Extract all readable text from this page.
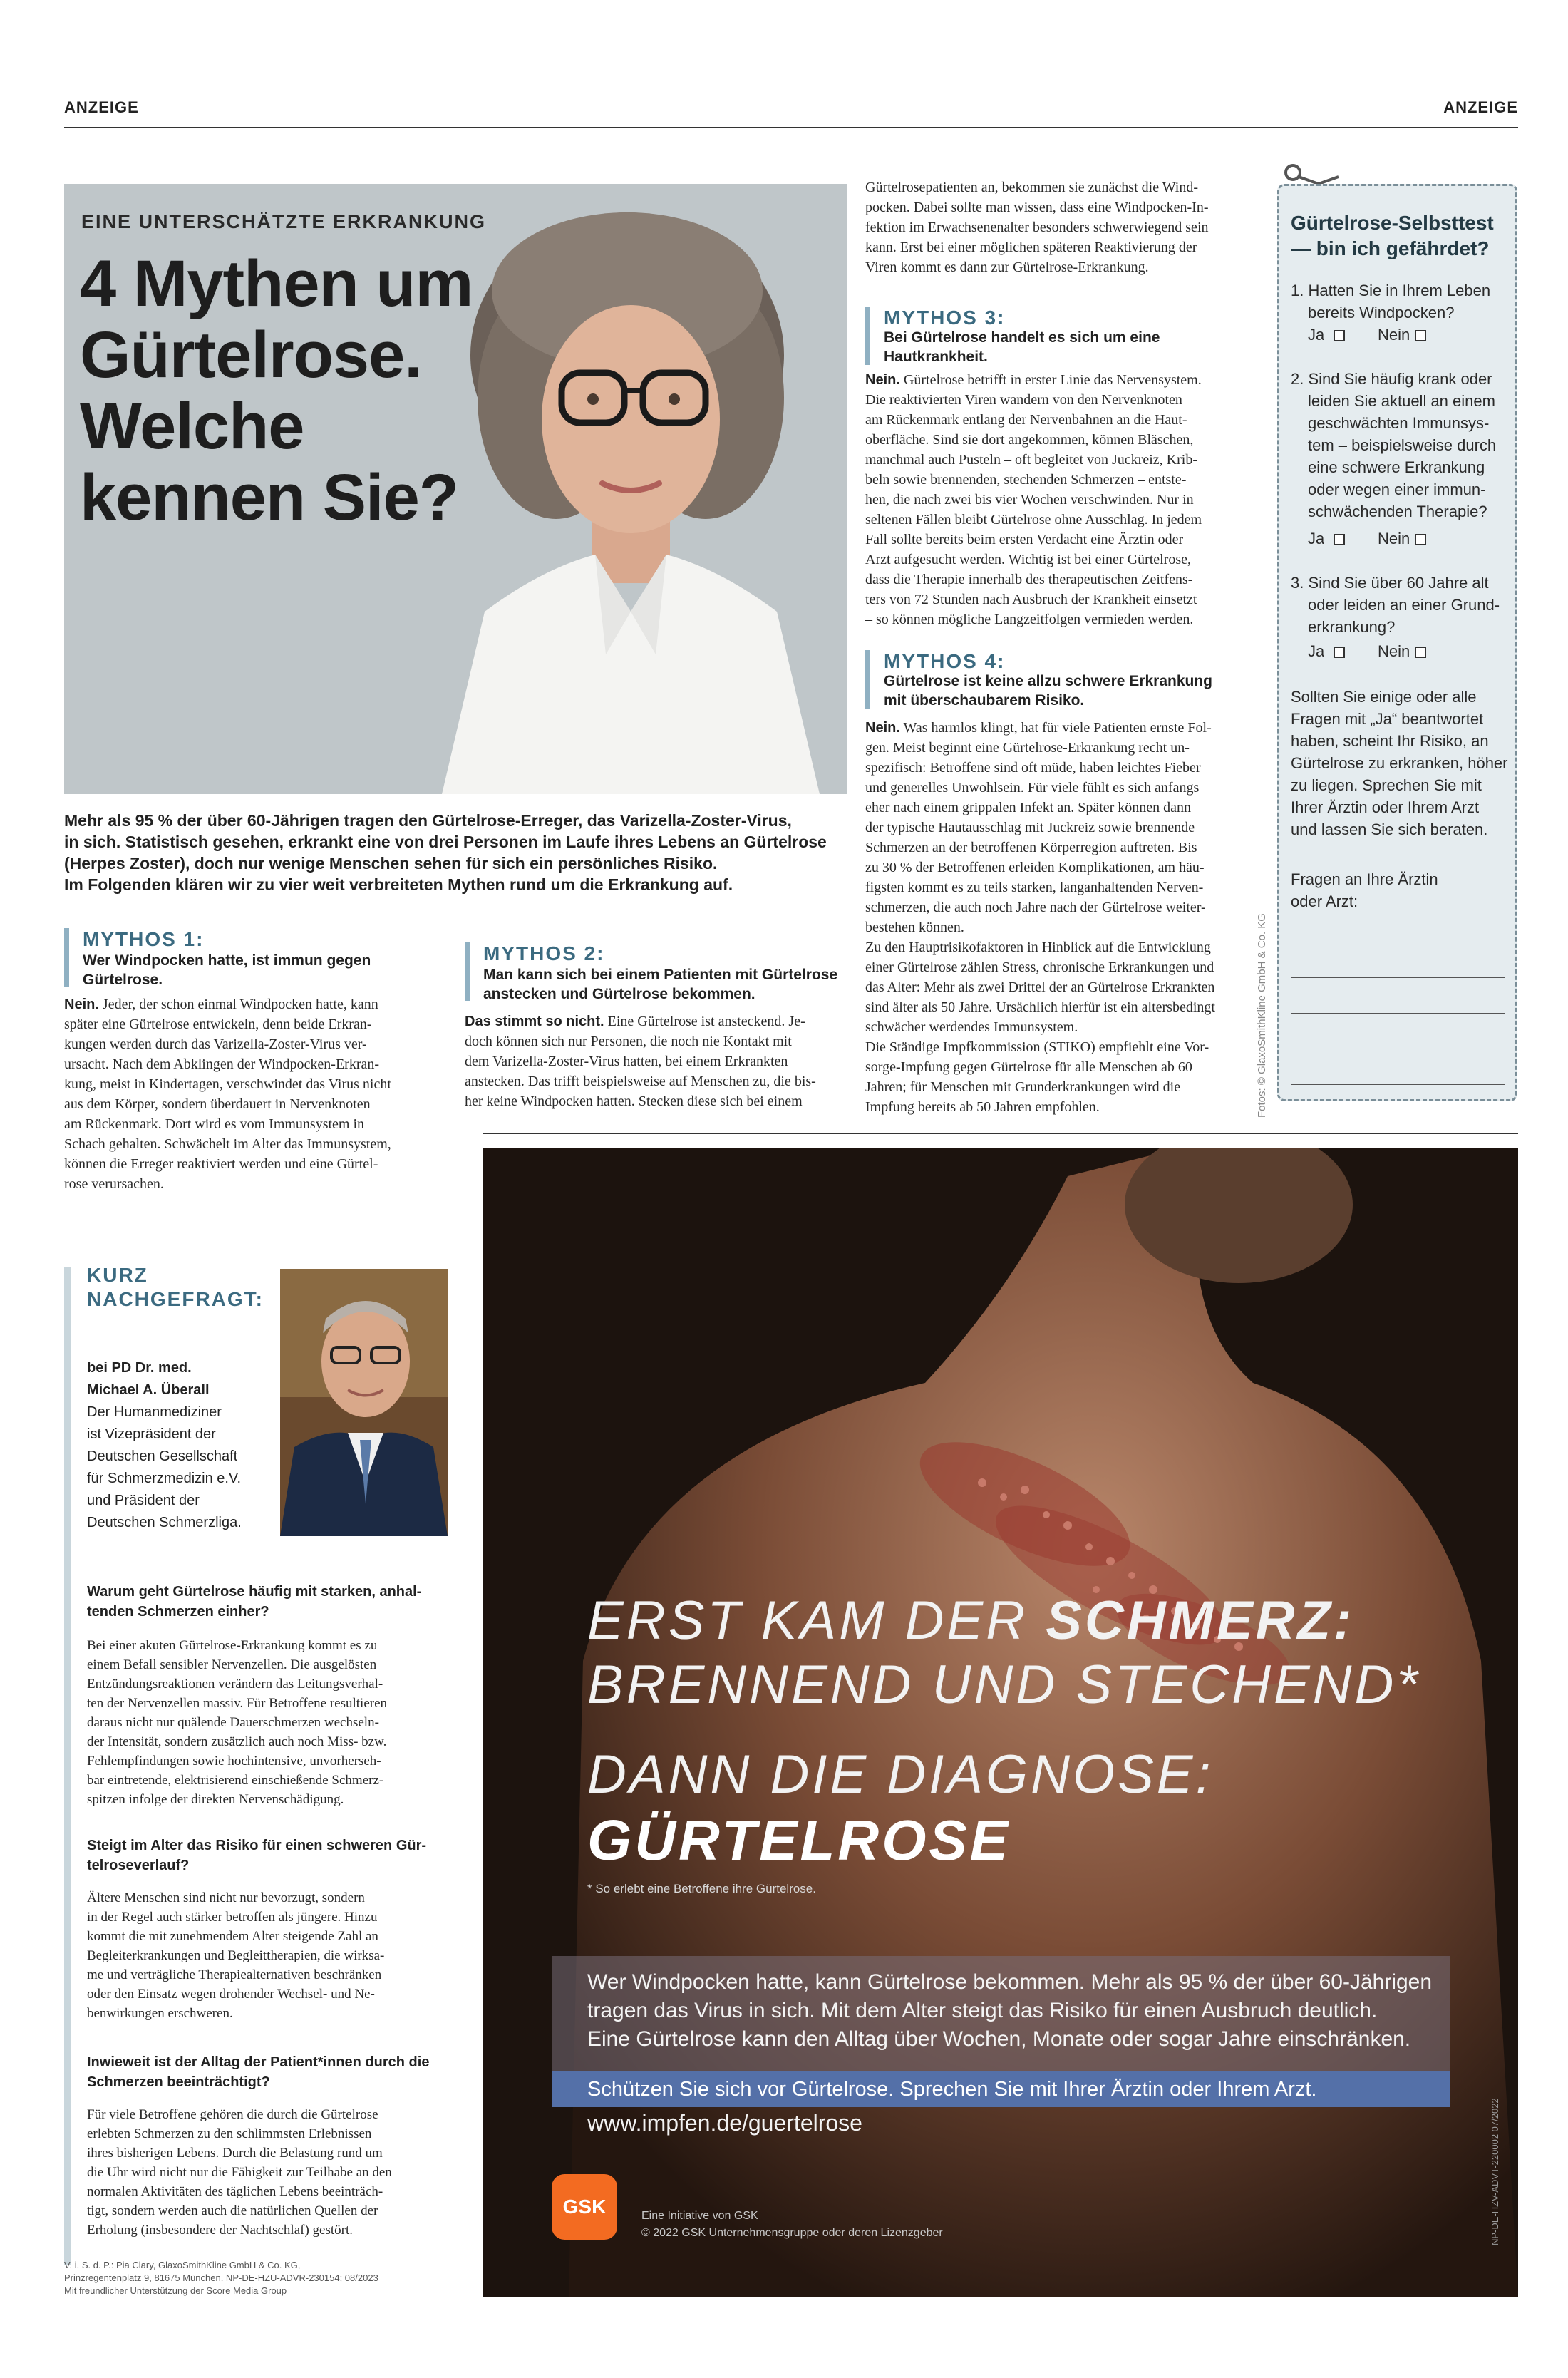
ANZEIGE	ANZEIGE
EINE UNTERSCHÄTZTE ERKRANKUNG
4 Mythen um
Gürtelrose.
Welche
kennen Sie?
Mehr als 95 % der über 60-Jährigen tragen den Gürtelrose-Erreger, das Varizella-Zoster-Virus,
in sich. Statistisch gesehen, erkrankt eine von drei Personen im Laufe ihres Lebens an Gürtelrose
(Herpes Zoster), doch nur wenige Menschen sehen für sich ein persönliches Risiko.
Im Folgenden klären wir zu vier weit verbreiteten Mythen rund um die Erkrankung auf.
MYTHOS 1:
Wer Windpocken hatte, ist immun gegen
Gürtelrose.
Nein. Jeder, der schon einmal Windpocken hatte, kann
später eine Gürtelrose entwickeln, denn beide Erkran-
kungen werden durch das Varizella-Zoster-Virus ver-
ursacht. Nach dem Abklingen der Windpocken-Erkran-
kung, meist in Kindertagen, verschwindet das Virus nicht
aus dem Körper, sondern überdauert in Nervenknoten
am Rückenmark. Dort wird es vom Immunsystem in
Schach gehalten. Schwächelt im Alter das Immunsystem,
können die Erreger reaktiviert werden und eine Gürtel-
rose verursachen.
MYTHOS 2:
Man kann sich bei einem Patienten mit Gürtelrose
anstecken und Gürtelrose bekommen.
Das stimmt so nicht. Eine Gürtelrose ist ansteckend. Je-
doch können sich nur Personen, die noch nie Kontakt mit
dem Varizella-Zoster-Virus hatten, bei einem Erkrankten
anstecken. Das trifft beispielsweise auf Menschen zu, die bis-
her keine Windpocken hatten. Stecken diese sich bei einem
Gürtelrosepatienten an, bekommen sie zunächst die Wind-
pocken. Dabei sollte man wissen, dass eine Windpocken-In-
fektion im Erwachsenenalter besonders schwerwiegend sein
kann. Erst bei einer möglichen späteren Reaktivierung der
Viren kommt es dann zur Gürtelrose-Erkrankung.
MYTHOS 3:
Bei Gürtelrose handelt es sich um eine
Hautkrankheit.
Nein. Gürtelrose betrifft in erster Linie das Nervensystem.
Die reaktivierten Viren wandern von den Nervenknoten
am Rückenmark entlang der Nervenbahnen an die Haut-
oberfläche. Sind sie dort angekommen, können Bläschen,
manchmal auch Pusteln – oft begleitet von Juckreiz, Krib-
beln sowie brennenden, stechenden Schmerzen – entste-
hen, die nach zwei bis vier Wochen verschwinden. Nur in
seltenen Fällen bleibt Gürtelrose ohne Ausschlag. In jedem
Fall sollte bereits beim ersten Verdacht eine Ärztin oder
Arzt aufgesucht werden. Wichtig ist bei einer Gürtelrose,
dass die Therapie innerhalb des therapeutischen Zeitfens-
ters von 72 Stunden nach Ausbruch der Krankheit einsetzt
– so können mögliche Langzeitfolgen vermieden werden.
MYTHOS 4:
Gürtelrose ist keine allzu schwere Erkrankung
mit überschaubarem Risiko.
Nein. Was harmlos klingt, hat für viele Patienten ernste Fol-
gen. Meist beginnt eine Gürtelrose-Erkrankung recht un-
spezifisch: Betroffene sind oft müde, haben leichtes Fieber
und generelles Unwohlsein. Für viele fühlt es sich anfangs
eher nach einem grippalen Infekt an. Später können dann
der typische Hautausschlag mit Juckreiz sowie brennende
Schmerzen an der betroffenen Körperregion auftreten. Bis
zu 30 % der Betroffenen erleiden Komplikationen, am häu-
figsten kommt es zu teils starken, langanhaltenden Nerven-
schmerzen, die auch noch Jahre nach der Gürtelrose weiter-
bestehen können.
Zu den Hauptrisikofaktoren in Hinblick auf die Entwicklung
einer Gürtelrose zählen Stress, chronische Erkrankungen und
das Alter: Mehr als zwei Drittel der an Gürtelrose Erkrankten
sind älter als 50 Jahre. Ursächlich hierfür ist ein altersbedingt
schwächer werdendes Immunsystem.
Die Ständige Impfkommission (STIKO) empfiehlt eine Vor-
sorge-Impfung gegen Gürtelrose für alle Menschen ab 60
Jahren; für Menschen mit Grunderkrankungen wird die
Impfung bereits ab 50 Jahren empfohlen.	Fotos: © GlaxoSmithKline GmbH & Co. KG
Gürtelrose-Selbsttest
— bin ich gefährdet?
1. Hatten Sie in Ihrem Leben
bereits Windpocken?
Ja	Nein
2. Sind Sie häufig krank oder
leiden Sie aktuell an einem
geschwächten Immunsys-
tem – beispielsweise durch
eine schwere Erkrankung
oder wegen einer immun-
schwächenden Therapie?
Ja	Nein
3. Sind Sie über 60 Jahre alt
oder leiden an einer Grund-
erkrankung?
Ja	Nein
Sollten Sie einige oder alle
Fragen mit „Ja“ beantwortet
haben, scheint Ihr Risiko, an
Gürtelrose zu erkranken, höher
zu liegen. Sprechen Sie mit
Ihrer Ärztin oder Ihrem Arzt
und lassen Sie sich beraten.
Fragen an Ihre Ärztin
oder Arzt:
KURZ
NACHGEFRAGT:
bei PD Dr. med.
Michael A. Überall
Der Humanmediziner
ist Vizepräsident der
Deutschen Gesellschaft
für Schmerzmedizin e.V.
und Präsident der
Deutschen Schmerzliga.
Warum geht Gürtelrose häufig mit starken, anhal-
tenden Schmerzen einher?
Bei einer akuten Gürtelrose-Erkrankung kommt es zu
einem Befall sensibler Nervenzellen. Die ausgelösten
Entzündungsreaktionen verändern das Leitungsverhal-
ten der Nervenzellen massiv. Für Betroffene resultieren
daraus nicht nur quälende Dauerschmerzen wechseln-
der Intensität, sondern zusätzlich auch noch Miss- bzw.
Fehlempfindungen sowie hochintensive, unvorherseh-
bar eintretende, elektrisierend einschießende Schmerz-
spitzen infolge der direkten Nervenschädigung.
Steigt im Alter das Risiko für einen schweren Gür-
telroseverlauf?
Ältere Menschen sind nicht nur bevorzugt, sondern
in der Regel auch stärker betroffen als jüngere. Hinzu
kommt die mit zunehmendem Alter steigende Zahl an
Begleiterkrankungen und Begleittherapien, die wirksa-
me und verträgliche Therapiealternativen beschränken
oder den Einsatz wegen drohender Wechsel- und Ne-
benwirkungen erschweren.
Inwieweit ist der Alltag der Patient*innen durch die
Schmerzen beeinträchtigt?
Für viele Betroffene gehören die durch die Gürtelrose
erlebten Schmerzen zu den schlimmsten Erlebnissen
ihres bisherigen Lebens. Durch die Belastung rund um
die Uhr wird nicht nur die Fähigkeit zur Teilhabe an den
normalen Aktivitäten des täglichen Lebens beeinträch-
tigt, sondern werden auch die natürlichen Quellen der
Erholung (insbesondere der Nachtschlaf) gestört.
V. i. S. d. P.: Pia Clary, GlaxoSmithKline GmbH & Co. KG,
Prinzregentenplatz 9, 81675 München. NP-DE-HZU-ADVR-230154; 08/2023
Mit freundlicher Unterstützung der Score Media Group
ERST KAM DER SCHMERZ:
BRENNEND UND STECHEND*
DANN DIE DIAGNOSE:
GÜRTELROSE
* So erlebt eine Betroffene ihre Gürtelrose.
Wer Windpocken hatte, kann Gürtelrose bekommen. Mehr als 95 % der über 60-Jährigen
tragen das Virus in sich. Mit dem Alter steigt das Risiko für einen Ausbruch deutlich.
Eine Gürtelrose kann den Alltag über Wochen, Monate oder sogar Jahre einschränken.
Schützen Sie sich vor Gürtelrose. Sprechen Sie mit Ihrer Ärztin oder Ihrem Arzt.
www.impfen.de/guertelrose
GSK	Eine Initiative von GSK
© 2022 GSK Unternehmensgruppe oder deren Lizenzgeber	NP-DE-HZV-ADVT-220002 07/2022
